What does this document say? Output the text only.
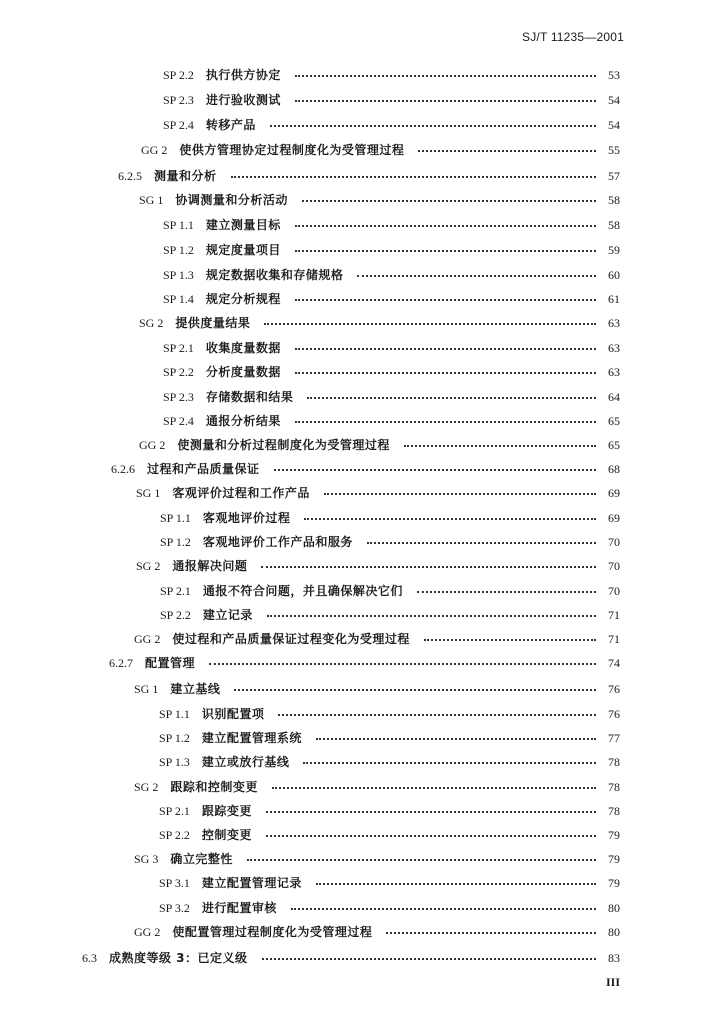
SJ/T 11235—2001
SP 2.2 执行供方协定	53
SP 2.3 进行验收测试	54
SP 2.4 转移产品	54
GG 2 使供方管理协定过程制度化为受管理过程	55
6.2.5 测量和分析	57
SG 1 协调测量和分析活动	58
SP 1.1 建立测量目标	58
SP 1.2 规定度量项目	59
SP 1.3 规定数据收集和存储规格	60
SP 1.4 规定分析规程	61
SG 2 提供度量结果	63
SP 2.1 收集度量数据	63
SP 2.2 分析度量数据	63
SP 2.3 存储数据和结果	64
SP 2.4 通报分析结果	65
GG 2 使测量和分析过程制度化为受管理过程	65
6.2.6 过程和产品质量保证	68
SG 1 客观评价过程和工作产品	69
SP 1.1 客观地评价过程	69
SP 1.2 客观地评价工作产品和服务	70
SG 2 通报解决问题	70
SP 2.1 通报不符合问题，并且确保解决它们	70
SP 2.2 建立记录	71
GG 2 使过程和产品质量保证过程变化为受理过程	71
6.2.7 配置管理	74
SG 1 建立基线	76
SP 1.1 识别配置项	76
SP 1.2 建立配置管理系统	77
SP 1.3 建立或放行基线	78
SG 2 跟踪和控制变更	78
SP 2.1 跟踪变更	78
SP 2.2 控制变更	79
SG 3 确立完整性	79
SP 3.1 建立配置管理记录	79
SP 3.2 进行配置审核	80
GG 2 使配置管理过程制度化为受管理过程	80
6.3 成熟度等级 3：已定义级	83
III
